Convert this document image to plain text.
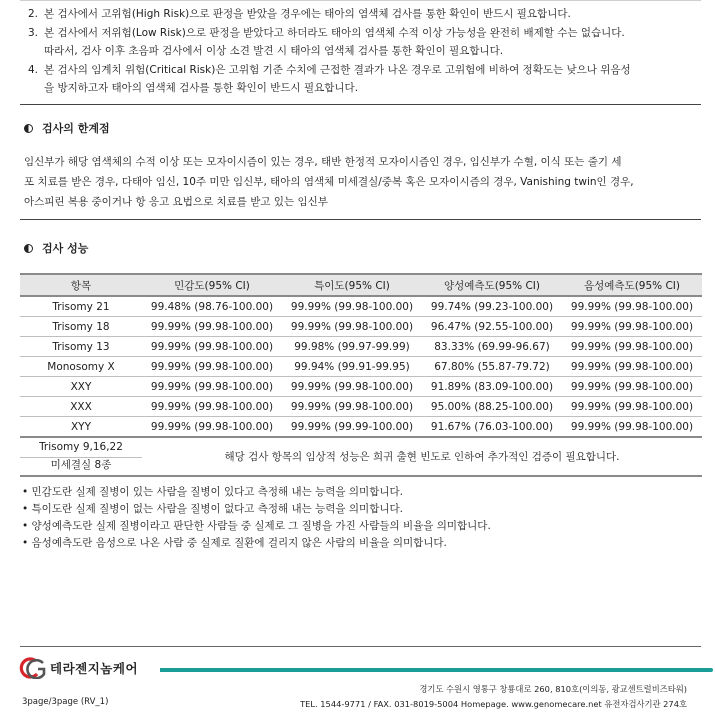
2. 본 검사에서 고위험(High Risk)으로 판정을 받았을 경우에는 태아의 염색체 검사를 통한 확인이 반드시 필요합니다.
3. 본 검사에서 저위험(Low Risk)으로 판정을 받았다고 하더라도 태아의 염색체 수적 이상 가능성을 완전히 배제할 수는 없습니다.
따라서, 검사 이후 초음파 검사에서 이상 소견 발견 시 태아의 염색체 검사를 통한 확인이 필요합니다.
4. 본 검사의 임계치 위험(Critical Risk)은 고위험 기준 수치에 근접한 결과가 나온 경우로 고위험에 비하여 정확도는 낮으나 위음성
을 방지하고자 태아의 염색체 검사를 통한 확인이 반드시 필요합니다.
검사의 한계점

임신부가 해당 염색체의 수적 이상 또는 모자이시즘이 있는 경우, 태반 한정적 모자이시즘인 경우, 임신부가 수혈, 이식 또는 줄기 세
포 치료를 받은 경우, 다태아 임신, 10주 미만 임신부, 태아의 염색체 미세결실/중복 혹은 모자이시즘의 경우, Vanishing twin인 경우,
아스피린 복용 중이거나 항 응고 요법으로 치료를 받고 있는 임신부

검사 성능
항목	민감도(95% CI)	특이도(95% CI)	양성예측도(95% CI)	음성예측도(95% CI)
Trisomy 21	99.48% (98.76-100.00)	99.99% (99.98-100.00)	99.74% (99.23-100.00)	99.99% (99.98-100.00)
Trisomy 18	99.99% (99.98-100.00)	99.99% (99.98-100.00)	96.47% (92.55-100.00)	99.99% (99.98-100.00)
Trisomy 13	99.99% (99.98-100.00)	99.98% (99.97-99.99)	83.33% (69.99-96.67)	99.99% (99.98-100.00)
Monosomy X	99.99% (99.98-100.00)	99.94% (99.91-99.95)	67.80% (55.87-79.72)	99.99% (99.98-100.00)
XXY	99.99% (99.98-100.00)	99.99% (99.98-100.00)	91.89% (83.09-100.00)	99.99% (99.98-100.00)
XXX	99.99% (99.98-100.00)	99.99% (99.98-100.00)	95.00% (88.25-100.00)	99.99% (99.98-100.00)
XYY	99.99% (99.98-100.00)	99.99% (99.99-100.00)	91.67% (76.03-100.00)	99.99% (99.98-100.00)

Trisomy 9,16,22
미세결실 8종	해당 검사 항목의 임상적 성능은 희귀 출현 빈도로 인하여 추가적인 검증이 필요합니다.			
• 민감도란 실제 질병이 있는 사람을 질병이 있다고 측정해 내는 능력을 의미합니다.
• 특이도란 실제 질병이 없는 사람을 질병이 없다고 측정해 내는 능력을 의미합니다.
• 양성예측도란 실제 질병이라고 판단한 사람들 중 실제로 그 질병을 가진 사람들의 비율을 의미합니다.
• 음성예측도란 음성으로 나온 사람 중 실제로 질환에 걸리지 않은 사람의 비율을 의미합니다.
테라젠지놈케어
경기도 수원시 영통구 창룡대로 260, 810호(이의동, 광교센트럴비즈타워)
TEL. 1544-9771 / FAX. 031-8019-5004 Homepage. www.genomecare.net 유전자검사기관 274호
3page/3page (RV_1)
